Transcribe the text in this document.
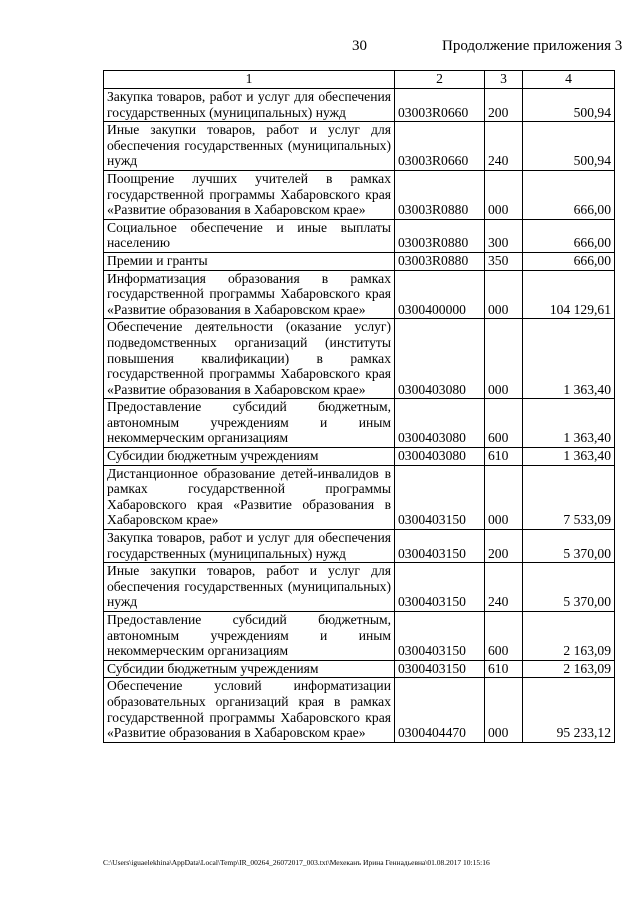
30	Продолжение приложения 3
1	2	3	4
Закупка товаров, работ и услуг для обеспечения государственных (муниципальных) нужд	03003R0660	200	500,94
Иные закупки товаров, работ и услуг для обеспечения государственных (муниципальных) нужд	03003R0660	240	500,94
Поощрение лучших учителей в рамках государственной программы Хабаровского края «Развитие образования в Хабаровском крае»	03003R0880	000	666,00
Социальное обеспечение и иные выплаты населению	03003R0880	300	666,00
Премии и гранты	03003R0880	350	666,00
Информатизация образования в рамках государственной программы Хабаровского края «Развитие образования в Хабаровском крае»	0300400000	000	104 129,61
Обеспечение деятельности (оказание услуг) подведомственных организаций (институты повышения квалификации) в рамках государственной программы Хабаровского края «Развитие образования в Хабаровском крае»	0300403080	000	1 363,40
Предоставление субсидий бюджетным, автономным учреждениям и иным некоммерческим организациям	0300403080	600	1 363,40
Субсидии бюджетным учреждениям	0300403080	610	1 363,40
Дистанционное образование детей-инвалидов в рамках государственной программы Хабаровского края «Развитие образования в Хабаровском крае»	0300403150	000	7 533,09
Закупка товаров, работ и услуг для обеспечения государственных (муниципальных) нужд	0300403150	200	5 370,00
Иные закупки товаров, работ и услуг для обеспечения государственных (муниципальных) нужд	0300403150	240	5 370,00
Предоставление субсидий бюджетным, автономным учреждениям и иным некоммерческим организациям	0300403150	600	2 163,09
Субсидии бюджетным учреждениям	0300403150	610	2 163,09
Обеспечение условий информатизации образовательных организаций края в рамках государственной программы Хабаровского края «Развитие образования в Хабаровском крае»	0300404470	000	95 233,12
C:\Users\iguaelekhina\AppData\Local\Temp\IR_00264_26072017_003.txt\Мехеканъ Ирина Геннадьевна\01.08.2017 10:15:16
